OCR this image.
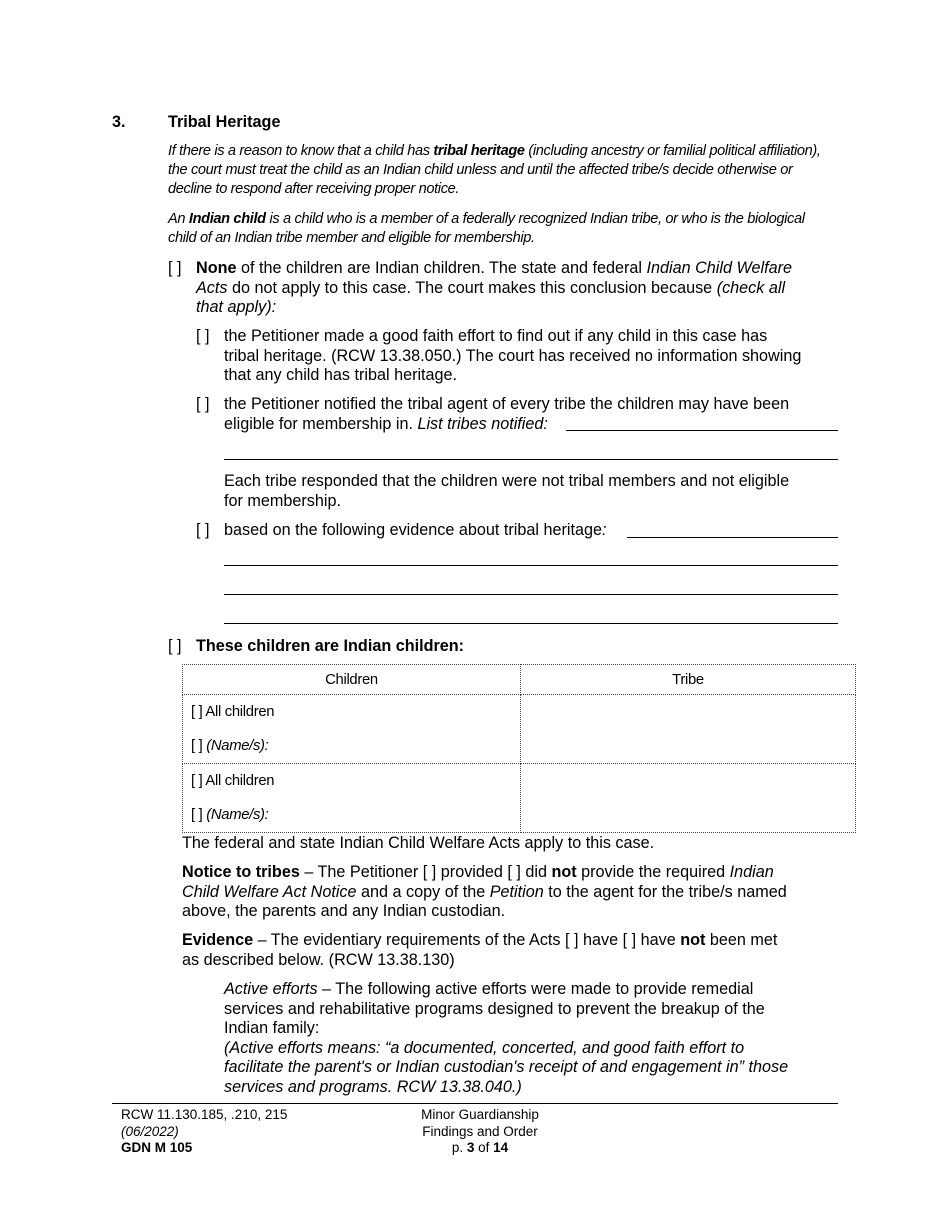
3.	Tribal Heritage
If there is a reason to know that a child has tribal heritage (including ancestry or familial political affiliation),
the court must treat the child as an Indian child unless and until the affected tribe/s decide otherwise or
decline to respond after receiving proper notice.
An Indian child is a child who is a member of a federally recognized Indian tribe, or who is the biological
child of an Indian tribe member and eligible for membership.
[ ] None of the children are Indian children. The state and federal Indian Child Welfare
Acts do not apply to this case. The court makes this conclusion because (check all
that apply):
[ ] the Petitioner made a good faith effort to find out if any child in this case has
tribal heritage. (RCW 13.38.050.) The court has received no information showing
that any child has tribal heritage.
[ ] the Petitioner notified the tribal agent of every tribe the children may have been
eligible for membership in. List tribes notified:
Each tribe responded that the children were not tribal members and not eligible
for membership.
[ ] based on the following evidence about tribal heritage:
[ ] These children are Indian children:
Children	Tribe

[ ] All children
[ ] (Name/s):	

[ ] All children
[ ] (Name/s):	

The federal and state Indian Child Welfare Acts apply to this case.
Notice to tribes – The Petitioner [ ] provided [ ] did not provide the required Indian
Child Welfare Act Notice and a copy of the Petition to the agent for the tribe/s named
above, the parents and any Indian custodian.
Evidence – The evidentiary requirements of the Acts [ ] have [ ] have not been met
as described below. (RCW 13.38.130)
Active efforts – The following active efforts were made to provide remedial
services and rehabilitative programs designed to prevent the breakup of the
Indian family:
(Active efforts means: “a documented, concerted, and good faith effort to
facilitate the parent's or Indian custodian's receipt of and engagement in” those
services and programs. RCW 13.38.040.)
RCW 11.130.185, .210, 215
(06/2022)
GDN M 105
Minor Guardianship
Findings and Order
p. 3 of 14
